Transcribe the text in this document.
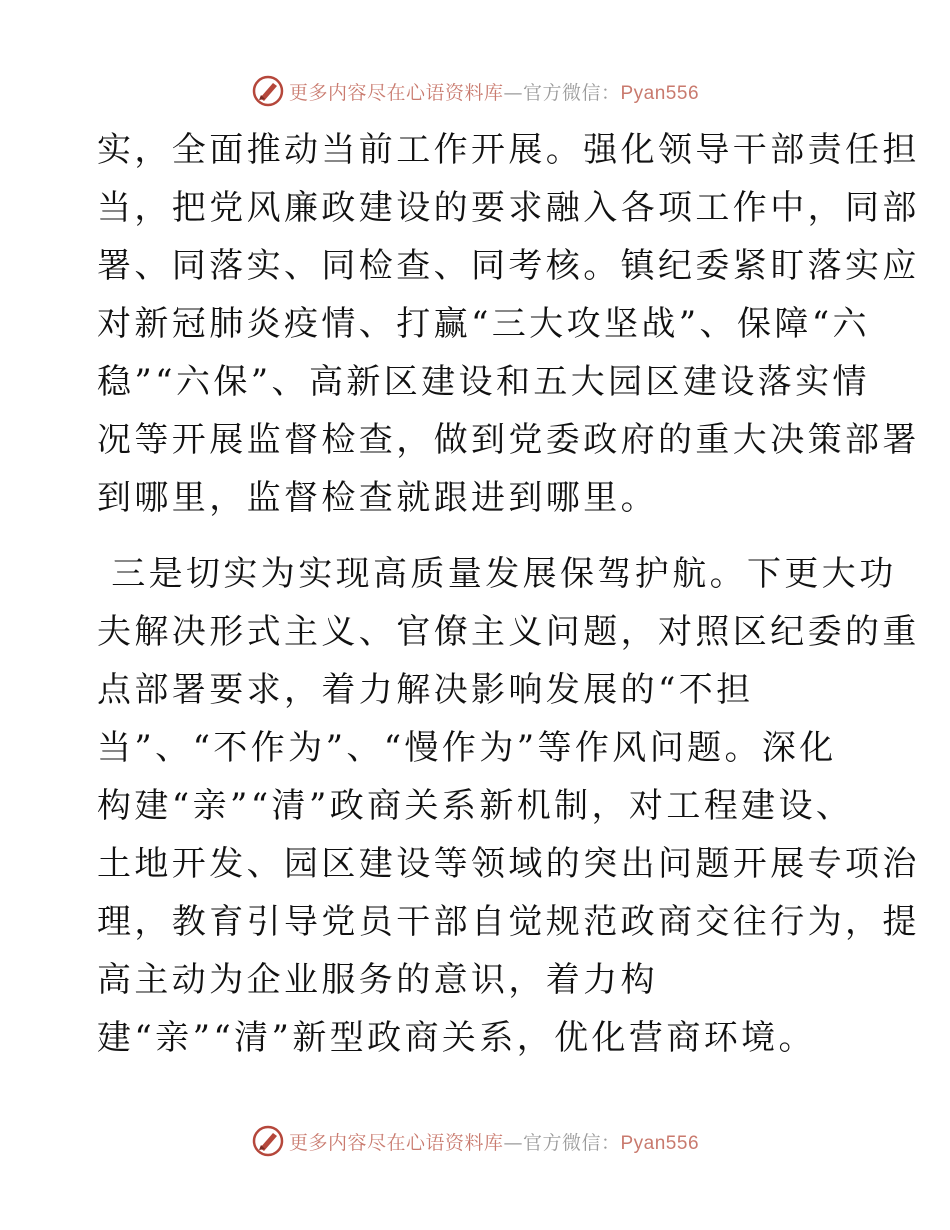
更多内容尽在心语资料库—官方微信：Pyan556
实，全面推动当前工作开展。强化领导干部责任担
当，把党风廉政建设的要求融入各项工作中，同部
署、同落实、同检查、同考核。镇纪委紧盯落实应
对新冠肺炎疫情、打赢“三大攻坚战”、保障“六
稳”“六保”、高新区建设和五大园区建设落实情
况等开展监督检查，做到党委政府的重大决策部署
到哪里，监督检查就跟进到哪里。
三是切实为实现高质量发展保驾护航。下更大功
夫解决形式主义、官僚主义问题，对照区纪委的重
点部署要求，着力解决影响发展的“不担
当”、“不作为”、“慢作为”等作风问题。深化
构建“亲”“清”政商关系新机制，对工程建设、
土地开发、园区建设等领域的突出问题开展专项治
理，教育引导党员干部自觉规范政商交往行为，提
高主动为企业服务的意识，着力构
建“亲”“清”新型政商关系，优化营商环境。
更多内容尽在心语资料库—官方微信：Pyan556
